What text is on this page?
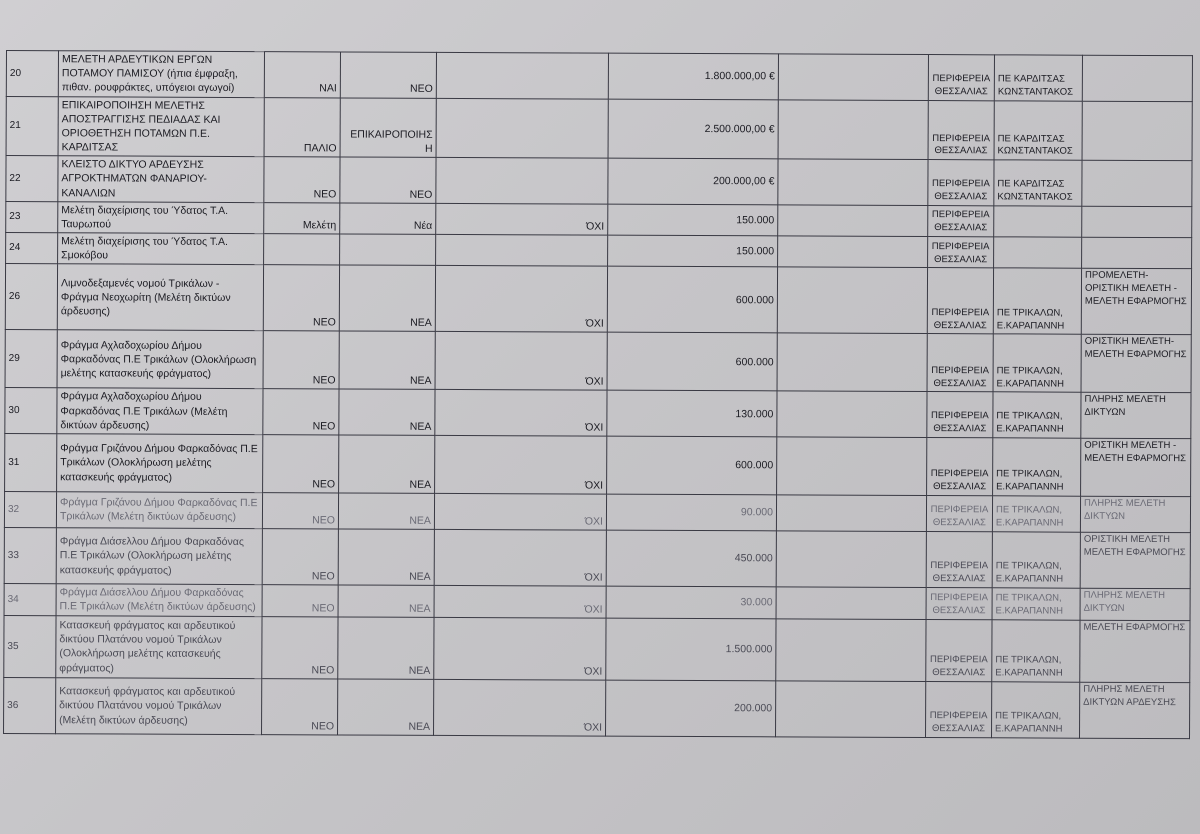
20	ΜΕΛΕΤΗ ΑΡΔΕΥΤΙΚΩΝ ΕΡΓΩΝ ΠΟΤΑΜΟΥ ΠΑΜΙΣΟΥ (ήπια έμφραξη, πιθαν. ρουφράκτες, υπόγειοι αγωγοί)	ΝΑΙ	ΝΕΟ		1.800.000,00 €		ΠΕΡΙΦΕΡΕΙΑ ΘΕΣΣΑΛΙΑΣ	ΠΕ ΚΑΡΔΙΤΣΑΣ ΚΩΝΣΤΑΝΤΑΚΟΣ	
21	ΕΠΙΚΑΙΡΟΠΟΙΗΣΗ ΜΕΛΕΤΗΣ ΑΠΟΣΤΡΑΓΓΙΣΗΣ ΠΕΔΙΑΔΑΣ ΚΑΙ ΟΡΙΟΘΕΤΗΣΗ ΠΟΤΑΜΩΝ Π.Ε. ΚΑΡΔΙΤΣΑΣ	ΠΑΛΙΟ	ΕΠΙΚΑΙΡΟΠΟΙΗΣΗ		2.500.000,00 €		ΠΕΡΙΦΕΡΕΙΑ ΘΕΣΣΑΛΙΑΣ	ΠΕ ΚΑΡΔΙΤΣΑΣ ΚΩΝΣΤΑΝΤΑΚΟΣ	
22	ΚΛΕΙΣΤΟ ΔΙΚΤΥΟ ΑΡΔΕΥΣΗΣ ΑΓΡΟΚΤΗΜΑΤΩΝ ΦΑΝΑΡΙΟΥ-ΚΑΝΑΛΙΩΝ	ΝΕΟ	ΝΕΟ		200.000,00 €		ΠΕΡΙΦΕΡΕΙΑ ΘΕΣΣΑΛΙΑΣ	ΠΕ ΚΑΡΔΙΤΣΑΣ ΚΩΝΣΤΑΝΤΑΚΟΣ	
23	Μελέτη διαχείρισης του Ύδατος Τ.Α. Ταυρωπού	Μελέτη	Νέα	ΌΧΙ	150.000		ΠΕΡΙΦΕΡΕΙΑ ΘΕΣΣΑΛΙΑΣ		
24	Μελέτη διαχείρισης του Ύδατος Τ.Α. Σμοκόβου				150.000		ΠΕΡΙΦΕΡΕΙΑ ΘΕΣΣΑΛΙΑΣ		
26	Λιμνοδεξαμενές νομού Τρικάλων - Φράγμα Νεοχωρίτη (Μελέτη δικτύων άρδευσης)	ΝΕΟ	ΝΕΑ	ΌΧΙ	600.000		ΠΕΡΙΦΕΡΕΙΑ ΘΕΣΣΑΛΙΑΣ	ΠΕ ΤΡΙΚΑΛΩΝ, Ε.ΚΑΡΑΠΑΝΝΗ	ΠΡΟΜΕΛΕΤΗ-ΟΡΙΣΤΙΚΗ ΜΕΛΕΤΗ - ΜΕΛΕΤΗ ΕΦΑΡΜΟΓΗΣ
29	Φράγμα Αχλαδοχωρίου Δήμου Φαρκαδόνας Π.Ε Τρικάλων (Ολοκλήρωση μελέτης κατασκευής φράγματος)	ΝΕΟ	ΝΕΑ	ΌΧΙ	600.000		ΠΕΡΙΦΕΡΕΙΑ ΘΕΣΣΑΛΙΑΣ	ΠΕ ΤΡΙΚΑΛΩΝ, Ε.ΚΑΡΑΠΑΝΝΗ	ΟΡΙΣΤΙΚΗ ΜΕΛΕΤΗ- ΜΕΛΕΤΗ ΕΦΑΡΜΟΓΗΣ
30	Φράγμα Αχλαδοχωρίου Δήμου Φαρκαδόνας Π.Ε Τρικάλων (Μελέτη δικτύων άρδευσης)	ΝΕΟ	ΝΕΑ	ΌΧΙ	130.000		ΠΕΡΙΦΕΡΕΙΑ ΘΕΣΣΑΛΙΑΣ	ΠΕ ΤΡΙΚΑΛΩΝ, Ε.ΚΑΡΑΠΑΝΝΗ	ΠΛΗΡΗΣ ΜΕΛΕΤΗ ΔΙΚΤΥΩΝ
31	Φράγμα Γριζάνου Δήμου Φαρκαδόνας Π.Ε Τρικάλων (Ολοκλήρωση μελέτης κατασκευής φράγματος)	ΝΕΟ	ΝΕΑ	ΌΧΙ	600.000		ΠΕΡΙΦΕΡΕΙΑ ΘΕΣΣΑΛΙΑΣ	ΠΕ ΤΡΙΚΑΛΩΝ, Ε.ΚΑΡΑΠΑΝΝΗ	ΟΡΙΣΤΙΚΗ ΜΕΛΕΤΗ - ΜΕΛΕΤΗ ΕΦΑΡΜΟΓΗΣ
32	Φράγμα Γριζάνου Δήμου Φαρκαδόνας Π.Ε Τρικάλων (Μελέτη δικτύων άρδευσης)	ΝΕΟ	ΝΕΑ	ΌΧΙ	90.000		ΠΕΡΙΦΕΡΕΙΑ ΘΕΣΣΑΛΙΑΣ	ΠΕ ΤΡΙΚΑΛΩΝ, Ε.ΚΑΡΑΠΑΝΝΗ	ΠΛΗΡΗΣ ΜΕΛΕΤΗ ΔΙΚΤΥΩΝ
33	Φράγμα Διάσελλου Δήμου Φαρκαδόνας Π.Ε Τρικάλων (Ολοκλήρωση μελέτης κατασκευής φράγματος)	ΝΕΟ	ΝΕΑ	ΌΧΙ	450.000		ΠΕΡΙΦΕΡΕΙΑ ΘΕΣΣΑΛΙΑΣ	ΠΕ ΤΡΙΚΑΛΩΝ, Ε.ΚΑΡΑΠΑΝΝΗ	ΟΡΙΣΤΙΚΗ ΜΕΛΕΤΗ ΜΕΛΕΤΗ ΕΦΑΡΜΟΓΗΣ
34	Φράγμα Διάσελλου Δήμου Φαρκαδόνας Π.Ε Τρικάλων (Μελέτη δικτύων άρδευσης)	ΝΕΟ	ΝΕΑ	ΌΧΙ	30.000		ΠΕΡΙΦΕΡΕΙΑ ΘΕΣΣΑΛΙΑΣ	ΠΕ ΤΡΙΚΑΛΩΝ, Ε.ΚΑΡΑΠΑΝΝΗ	ΠΛΗΡΗΣ ΜΕΛΕΤΗ ΔΙΚΤΥΩΝ
35	Κατασκευή φράγματος και αρδευτικού δικτύου Πλατάνου νομού Τρικάλων (Ολοκλήρωση μελέτης κατασκευής φράγματος)	ΝΕΟ	ΝΕΑ	ΌΧΙ	1.500.000		ΠΕΡΙΦΕΡΕΙΑ ΘΕΣΣΑΛΙΑΣ	ΠΕ ΤΡΙΚΑΛΩΝ, Ε.ΚΑΡΑΠΑΝΝΗ	ΜΕΛΕΤΗ ΕΦΑΡΜΟΓΗΣ
36	Κατασκευή φράγματος και αρδευτικού δικτύου Πλατάνου νομού Τρικάλων (Μελέτη δικτύων άρδευσης)	ΝΕΟ	ΝΕΑ	ΌΧΙ	200.000		ΠΕΡΙΦΕΡΕΙΑ ΘΕΣΣΑΛΙΑΣ	ΠΕ ΤΡΙΚΑΛΩΝ, Ε.ΚΑΡΑΠΑΝΝΗ	ΠΛΗΡΗΣ ΜΕΛΕΤΗ ΔΙΚΤΥΩΝ ΑΡΔΕΥΣΗΣ
